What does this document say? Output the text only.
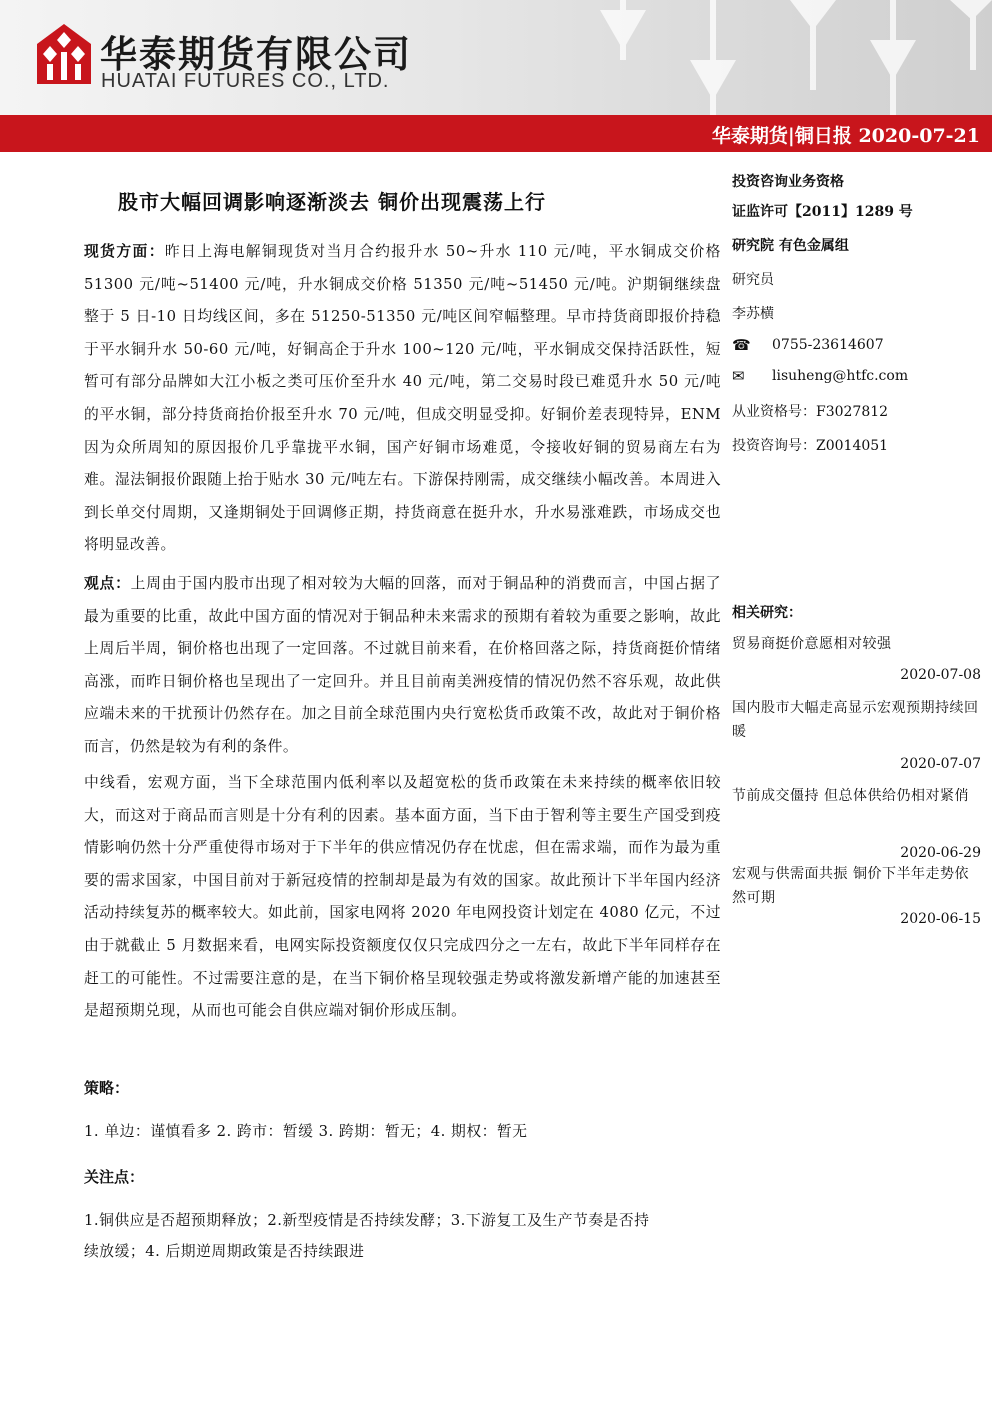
华泰期货有限公司
HUATAI FUTURES CO., LTD.
华泰期货|铜日报 2020-07-21
股市大幅回调影响逐渐淡去 铜价出现震荡上行
现货方面：昨日上海电解铜现货对当月合约报升水 50~升水 110 元/吨，平水铜成交价格 51300 元/吨~51400 元/吨，升水铜成交价格 51350 元/吨~51450 元/吨。沪期铜继续盘整于 5 日-10 日均线区间，多在 51250-51350 元/吨区间窄幅整理。早市持货商即报价持稳于平水铜升水 50-60 元/吨，好铜高企于升水 100~120 元/吨，平水铜成交保持活跃性，短暂可有部分品牌如大江小板之类可压价至升水 40 元/吨，第二交易时段已难觅升水 50 元/吨的平水铜，部分持货商抬价报至升水 70 元/吨，但成交明显受抑。好铜价差表现特异，ENM 因为众所周知的原因报价几乎靠拢平水铜，国产好铜市场难觅，令接收好铜的贸易商左右为难。湿法铜报价跟随上抬于贴水 30 元/吨左右。下游保持刚需，成交继续小幅改善。本周进入到长单交付周期，又逢期铜处于回调修正期，持货商意在挺升水，升水易涨难跌，市场成交也将明显改善。
观点：上周由于国内股市出现了相对较为大幅的回落，而对于铜品种的消费而言，中国占据了最为重要的比重，故此中国方面的情况对于铜品种未来需求的预期有着较为重要之影响，故此上周后半周，铜价格也出现了一定回落。不过就目前来看，在价格回落之际，持货商挺价情绪高涨，而昨日铜价格也呈现出了一定回升。并且目前南美洲疫情的情况仍然不容乐观，故此供应端未来的干扰预计仍然存在。加之目前全球范围内央行宽松货币政策不改，故此对于铜价格而言，仍然是较为有利的条件。
中线看，宏观方面，当下全球范围内低利率以及超宽松的货币政策在未来持续的概率依旧较大，而这对于商品而言则是十分有利的因素。基本面方面，当下由于智利等主要生产国受到疫情影响仍然十分严重使得市场对于下半年的供应情况仍存在忧虑，但在需求端，而作为最为重要的需求国家，中国目前对于新冠疫情的控制却是最为有效的国家。故此预计下半年国内经济活动持续复苏的概率较大。如此前，国家电网将 2020 年电网投资计划定在 4080 亿元，不过由于就截止 5 月数据来看，电网实际投资额度仅仅只完成四分之一左右，故此下半年同样存在赶工的可能性。不过需要注意的是，在当下铜价格呈现较强走势或将激发新增产能的加速甚至是超预期兑现，从而也可能会自供应端对铜价形成压制。
策略：
1. 单边：谨慎看多 2. 跨市：暂缓 3. 跨期：暂无；4. 期权：暂无
关注点：
1.铜供应是否超预期释放；2.新型疫情是否持续发酵；3.下游复工及生产节奏是否持
续放缓；4. 后期逆周期政策是否持续跟进
投资咨询业务资格
证监许可【2011】1289 号
研究院 有色金属组
研究员
李苏横
☎ 0755-23614607
✉	lisuheng@htfc.com
从业资格号：F3027812
投资咨询号：Z0014051
相关研究：
贸易商挺价意愿相对较强
2020-07-08
国内股市大幅走高显示宏观预期持续回暖
2020-07-07
节前成交僵持 但总体供给仍相对紧俏
2020-06-29
宏观与供需面共振 铜价下半年走势依然可期
2020-06-15
